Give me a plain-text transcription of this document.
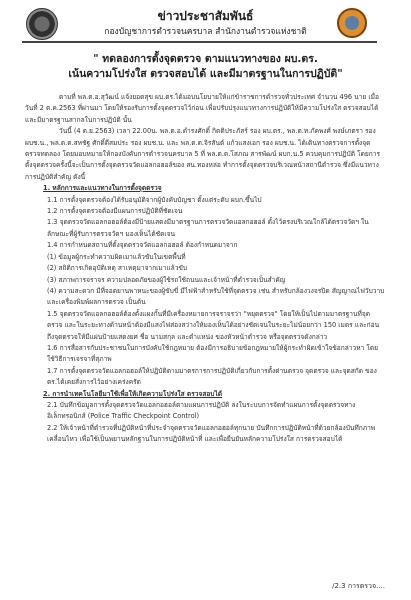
ข่าวประชาสัมพันธ์
กองบัญชาการตำรวจนครบาล สำนักงานตำรวจแห่งชาติ
" ทดลองการตั้งจุดตรวจ ตามแนวทางของ ผบ.ตร.
เน้นความโปร่งใส ตรวจสอบได้ และมีมาตรฐานในการปฏิบัติ"

ตามที่ พล.ต.อ.สุวัฒน์ แจ้งยอดสุข ผบ.ตร.ได้มอบนโยบายให้แก่ข้าราชการตำรวจทั่วประเทศ จำนวน 496 นาย เมื่อวันที่ 2 ต.ค.2563 ที่ผ่านมา โดยให้รองรับการตั้งจุดตรวจไว้ก่อน เพื่อปรับปรุงแนวทางการปฏิบัติให้มีความโปร่งใส ตรวจสอบได้ และมีมาตรฐานสากลในการปฏิบัติ นั้น

วันนี้ (4 ต.ย.2563) เวลา 22.00น. พล.ต.อ.ดำรงศักดิ์ กิตติประภัสร์ รอง ผบ.ตร., พล.ต.ท.ภัคพงศ์ พงษ์เภตรา รอง ผบช.น., พล.ต.ต.สหชัฐ ศักดิ์ดีสมประ รอง ผบช.น. และ พล.ต.ต.จิรสันต์ แก้วแสงเอก รอง ผบช.น. ได้เดินทางตรวจการตั้งจุดตรวจทดลอง โดยมอบหมายให้กองบังคับการตำรวจนครบาล 5 ที่ พล.ต.ต.โสภณ สารพัฒน์ ผบก.น.5 ควบคุมการปฏิบัติ โดยการตั้งจุดตรวจครั้งนี้จะเป็นการตั้งจุดตรวจวัดแอลกอฮอล์ของ สน.ทองหล่อ ทำการตั้งจุดตรวจบริเวณหน้าสถานีตำรวจ ซึ่งมีแนวทางการปฏิบัติสำคัญ ดังนี้

1. หลักการและแนวทางในการตั้งจุดตรวจ

1.1 การตั้งจุดตรวจต้องได้รับอนุมัติจากผู้บังคับบัญชา ตั้งแต่ระดับ ผบก.ขึ้นไป

1.2 การตั้งจุดตรวจต้องมีแผนการปฏิบัติที่ชัดเจน

1.3 จุดตรวจวัดแอลกอฮอล์ต้องมีป้ายแสดงมีมาตรฐานการตรวจวัดแอลกอฮอล์ ตั้งไว้ตรงบริเวณใกล้ได้ตรวจวัดฯ ในลักษณะที่ผู้รับการตรวจวัดฯ มองเห็นได้ชัดเจน

1.4 การกำหนดสถานที่ตั้งจุดตรวจวัดแอลกอฮอล์ ต้องกำหนดมาจาก

(1) ข้อมูลผู้กระทำความผิดเมาแล้วขับในเขตพื้นที่

(2) สถิติการเกิดอุบัติเหตุ สาเหตุมาจากเมาแล้วขับ

(3) สภาพการจราจร ความปลอดภัยของผู้ใช้รถใช้ถนนและเจ้าหน้าที่ตำรวจเป็นสำคัญ

(4) ความสะดวก มีที่จอดยานพาหนะของผู้ขับขี่ มีไฟฟ้าสำหรับใช้ที่จุดตรวจ เช่น สำหรับกล้องวงจรปิด สัญญาณไฟวับวาบ และเครื่องพิมพ์ผลการตรวจ เป็นต้น

1.5 จุดตรวจวัดแอลกอฮอล์ต้องตั้งแผงกั้นที่มีเครื่องหมายการจราจรว่า "หยุดตรวจ" โดยให้เป็นไปตามมาตรฐานที่จุดตรวจ และในระยะทางด้านหน้าต้องมีแสงไฟส่องสว่างให้มองเห็นได้อย่างชัดเจนในระยะไม่น้อยกว่า 150 เมตร และก่อนถึงจุดตรวจให้มีแผ่นป้ายแสดงยศ ชื่อ นามสกุล และตำแหน่ง ของหัวหน้าตำรวจ หรือจุดตรวจดังกล่าว

1.6 การสื่อสารกับประชาชนในการบังคับใช้กฎหมาย ต้องมีการอธิบายข้อกฎหมายให้ผู้กระทำผิดเข้าใจข้อกล่าวหา โดยใช้วิธีการเจรจาที่สุภาพ

1.7 การตั้งจุดตรวจวัดแอลกอฮอล์ให้ปฏิบัติตามมาตรการการปฏิบัติเกี่ยวกับการตั้งด่านตรวจ จุดตรวจ และจุดสกัด ของ ตร.ได้เคยสั่งการไว้อย่างเคร่งครัด

2. การนำเทคโนโลยีมาใช้เพื่อให้เกิดความโปร่งใส ตรวจสอบได้

2.1 บันทึกข้อมูลการตั้งจุดตรวจวัดแอลกอฮอล์ตามแผนการปฏิบัติ ลงในระบบการจัดทำแผนการตั้งจุดตรวจทางอิเล็กทรอนิกส์ (Police Traffic Checkpoint Control)

2.2 ให้เจ้าหน้าที่ตำรวจที่ปฏิบัติหน้าที่ประจำจุดตรวจวัดแอลกอฮอล์ทุกนาย บันทึกการปฏิบัติหน้าที่ด้วยกล้องบันทึกภาพเคลื่อนไหว เพื่อใช้เป็นพยานหลักฐานในการปฏิบัติหน้าที่ และเพื่อยืนยันหลักความโปร่งใส การตรวจสอบได้

/2.3 การตรวจ....
